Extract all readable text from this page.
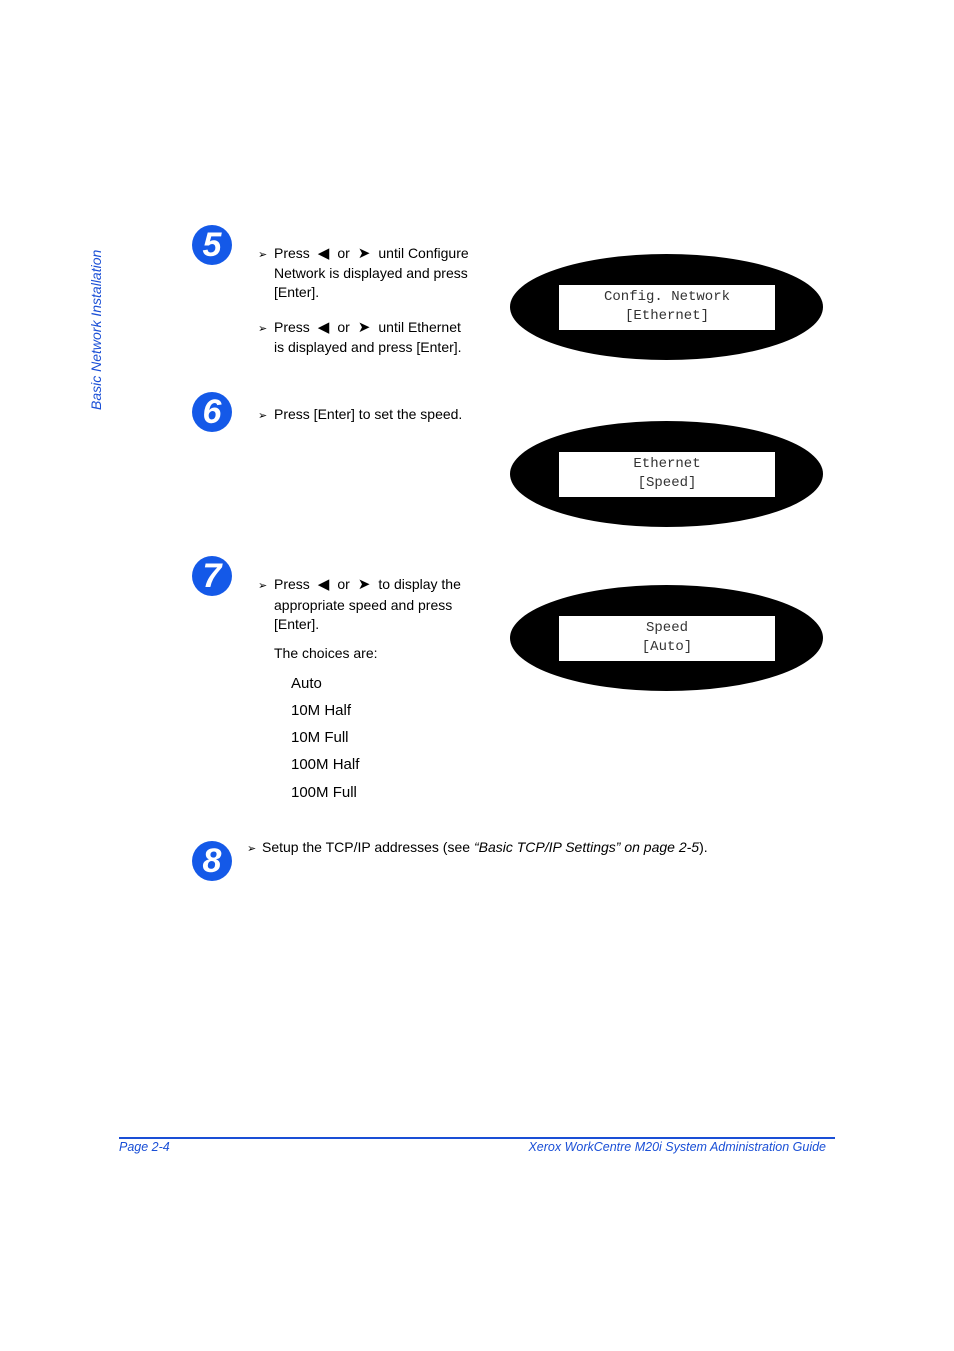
Basic Network Installation
5	➢ Press ◀ or ➤ until Configure
Network is displayed and press
[Enter].
➢ Press ◀ or ➤ until Ethernet
is displayed and press [Enter].
Config. Network
[Ethernet]
6	➢ Press [Enter] to set the speed.
Ethernet
[Speed]
7	➢ Press ◀ or ➤ to display the
appropriate speed and press
[Enter].
The choices are:
Auto
10M Half
10M Full
100M Half
100M Full
Speed
[Auto]
8	➢ Setup the TCP/IP addresses (see “Basic TCP/IP Settings” on page 2-5).
Page 2-4	Xerox WorkCentre M20i System Administration Guide
